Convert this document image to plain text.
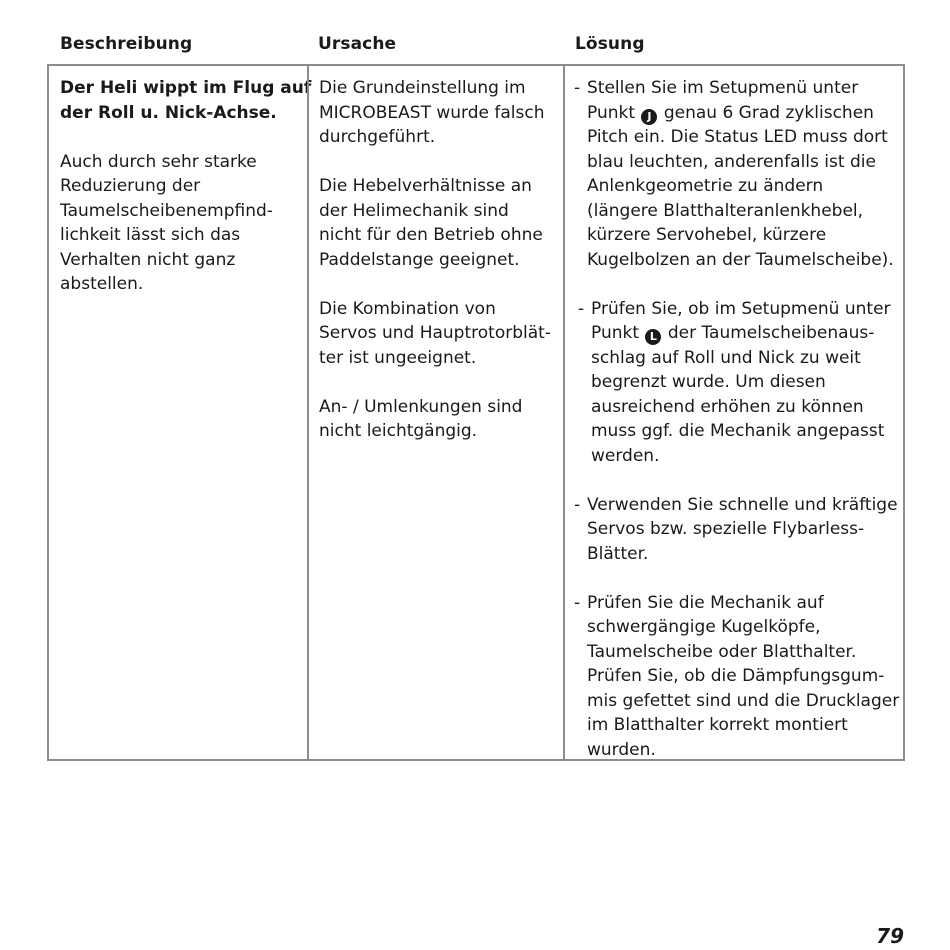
Beschreibung	Ursache	Lösung
Der Heli wippt im Flug auf
der Roll u. Nick-Achse.
Auch durch sehr starke
Reduzierung der
Taumelscheibenempfind-
lichkeit lässt sich das
Verhalten nicht ganz
abstellen.
Die Grundeinstellung im
MICROBEAST wurde falsch
durchgeführt.
Die Hebelverhältnisse an
der Helimechanik sind
nicht für den Betrieb ohne
Paddelstange geeignet.
Die Kombination von
Servos und Hauptrotorblät-
ter ist ungeeignet.
An- / Umlenkungen sind
nicht leichtgängig.
- Stellen Sie im Setupmenü unter
Punkt J genau 6 Grad zyklischen
Pitch ein. Die Status LED muss dort
blau leuchten, anderenfalls ist die
Anlenkgeometrie zu ändern
(längere Blatthalteranlenkhebel,
kürzere Servohebel, kürzere
Kugelbolzen an der Taumelscheibe).
- Prüfen Sie, ob im Setupmenü unter
Punkt L der Taumelscheibenaus-
schlag auf Roll und Nick zu weit
begrenzt wurde. Um diesen
ausreichend erhöhen zu können
muss ggf. die Mechanik angepasst
werden.
- Verwenden Sie schnelle und kräftige
Servos bzw. spezielle Flybarless-
Blätter.
- Prüfen Sie die Mechanik auf
schwergängige Kugelköpfe,
Taumelscheibe oder Blatthalter.
Prüfen Sie, ob die Dämpfungsgum-
mis gefettet sind und die Drucklager
im Blatthalter korrekt montiert
wurden.
79
